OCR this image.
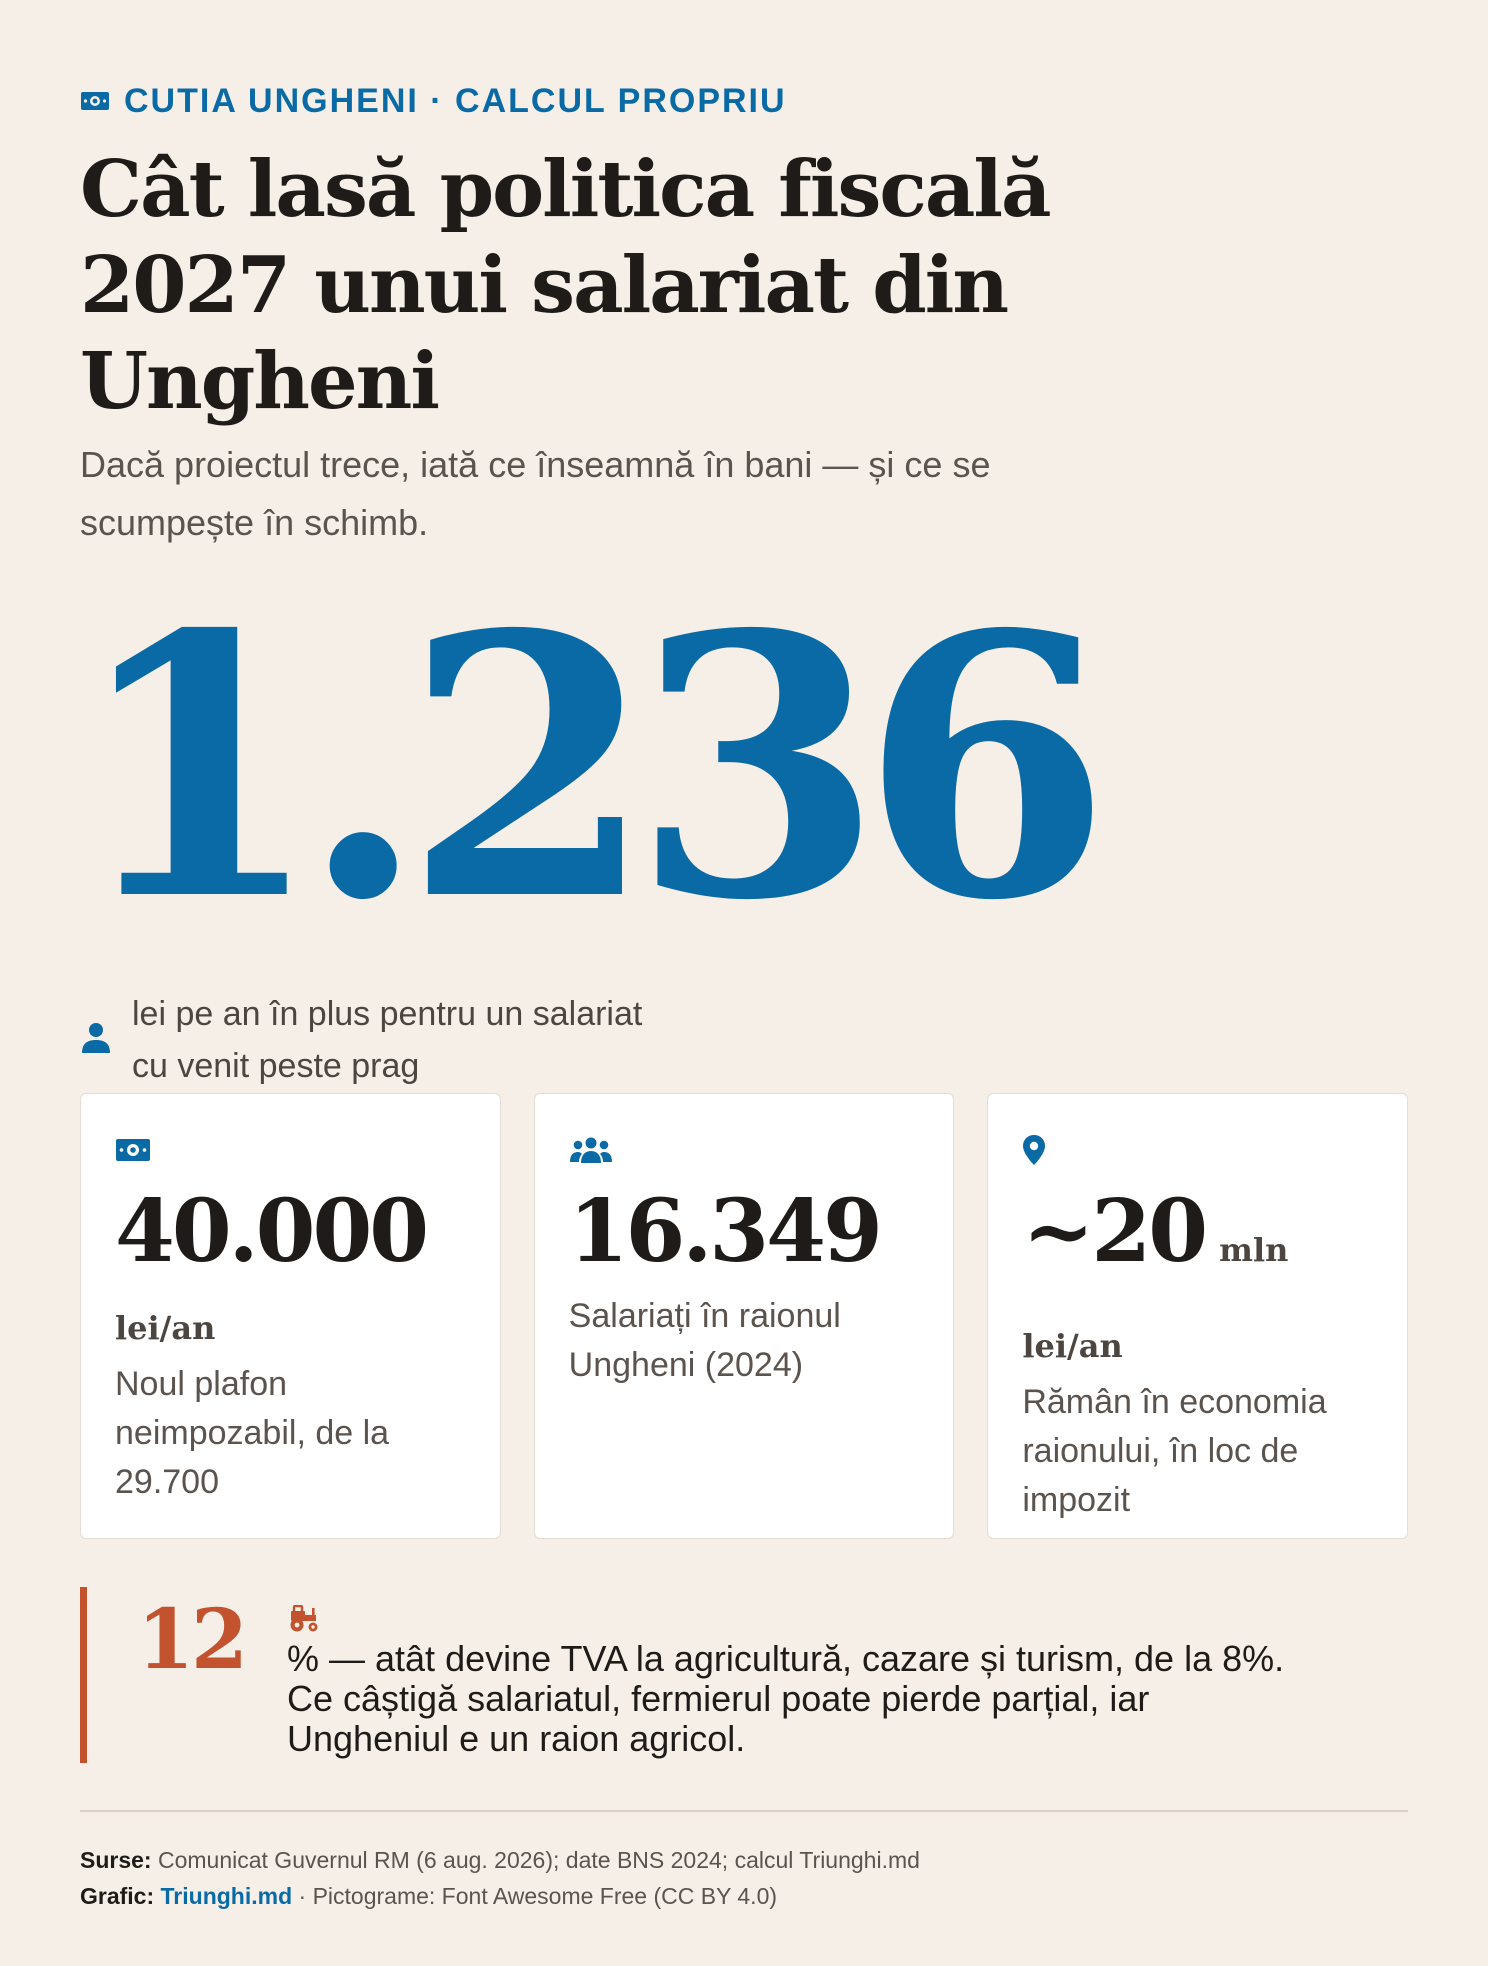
CUTIA UNGHENI · CALCUL PROPRIU
Cât lasă politica fiscală 2027 unui salariat din Ungheni

Dacă proiectul trece, iată ce înseamnă în bani — și ce se scumpește în schimb.

1.236
lei pe an în plus pentru un salariat cu venit peste prag
40.000
lei/an
Noul plafon neimpozabil, de la 29.700
16.349
Salariați în raionul Ungheni (2024)
~20 mln
lei/an
Rămân în economia raionului, în loc de impozit
12 % — atât devine TVA la agricultură, cazare și turism, de la 8%. Ce câștigă salariatul, fermierul poate pierde parțial, iar Ungheniul e un raion agricol.
Surse: Comunicat Guvernul RM (6 aug. 2026); date BNS 2024; calcul Triunghi.md
Grafic: Triunghi.md · Pictograme: Font Awesome Free (CC BY 4.0)
